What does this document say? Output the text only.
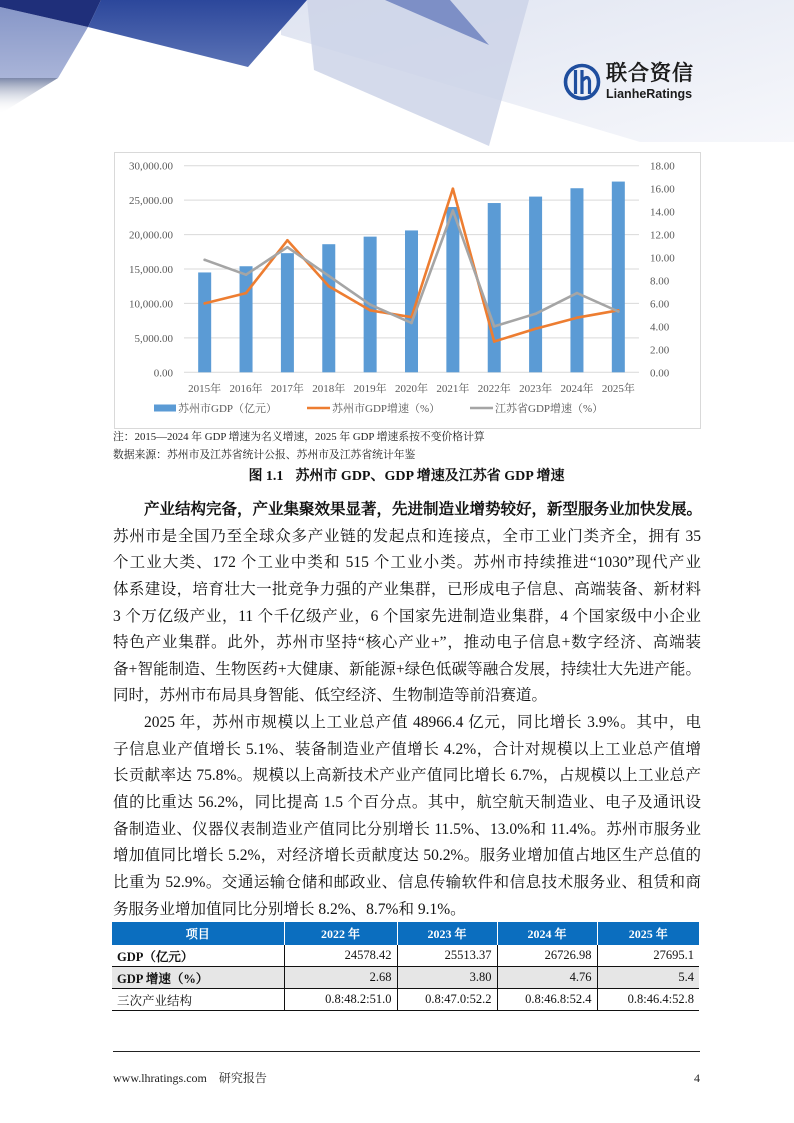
联合资信
LianheRatings
0.00
5,000.00
10,000.00
15,000.00
20,000.00
25,000.00
30,000.00
0.00
2.00
4.00
6.00
8.00
10.00
12.00
14.00
16.00
18.00
2015年 2016年 2017年 2018年 2019年 2020年 2021年 2022年 2023年 2024年 2025年
苏州市GDP（亿元）	苏州市GDP增速（%）	江苏省GDP增速（%）
注：2015—2024 年 GDP 增速为名义增速，2025 年 GDP 增速系按不变价格计算
数据来源：苏州市及江苏省统计公报、苏州市及江苏省统计年鉴
图 1.1 苏州市 GDP、GDP 增速及江苏省 GDP 增速
产业结构完备，产业集聚效果显著，先进制造业增势较好，新型服务业加快发展。
苏州市是全国乃至全球众多产业链的发起点和连接点，全市工业门类齐全，拥有 35
个工业大类、172 个工业中类和 515 个工业小类。苏州市持续推进“1030”现代产业
体系建设，培育壮大一批竞争力强的产业集群，已形成电子信息、高端装备、新材料
3 个万亿级产业，11 个千亿级产业，6 个国家先进制造业集群，4 个国家级中小企业
特色产业集群。此外，苏州市坚持“核心产业+”，推动电子信息+数字经济、高端装
备+智能制造、生物医药+大健康、新能源+绿色低碳等融合发展，持续壮大先进产能。
同时，苏州市布局具身智能、低空经济、生物制造等前沿赛道。
2025 年，苏州市规模以上工业总产值 48966.4 亿元，同比增长 3.9%。其中，电
子信息业产值增长 5.1%、装备制造业产值增长 4.2%，合计对规模以上工业总产值增
长贡献率达 75.8%。规模以上高新技术产业产值同比增长 6.7%，占规模以上工业总产
值的比重达 56.2%，同比提高 1.5 个百分点。其中，航空航天制造业、电子及通讯设
备制造业、仪器仪表制造业产值同比分别增长 11.5%、13.0%和 11.4%。苏州市服务业
增加值同比增长 5.2%，对经济增长贡献度达 50.2%。服务业增加值占地区生产总值的
比重为 52.9%。交通运输仓储和邮政业、信息传输软件和信息技术服务业、租赁和商
务服务业增加值同比分别增长 8.2%、8.7%和 9.1%。
项目	2022 年	2023 年	2024 年	2025 年
GDP（亿元）	24578.42	25513.37	26726.98	27695.1
GDP 增速（%）	2.68	3.80	4.76	5.4
三次产业结构	0.8:48.2:51.0	0.8:47.0:52.2	0.8:46.8:52.4	0.8:46.4:52.8
www.lhratings.com 研究报告	4
